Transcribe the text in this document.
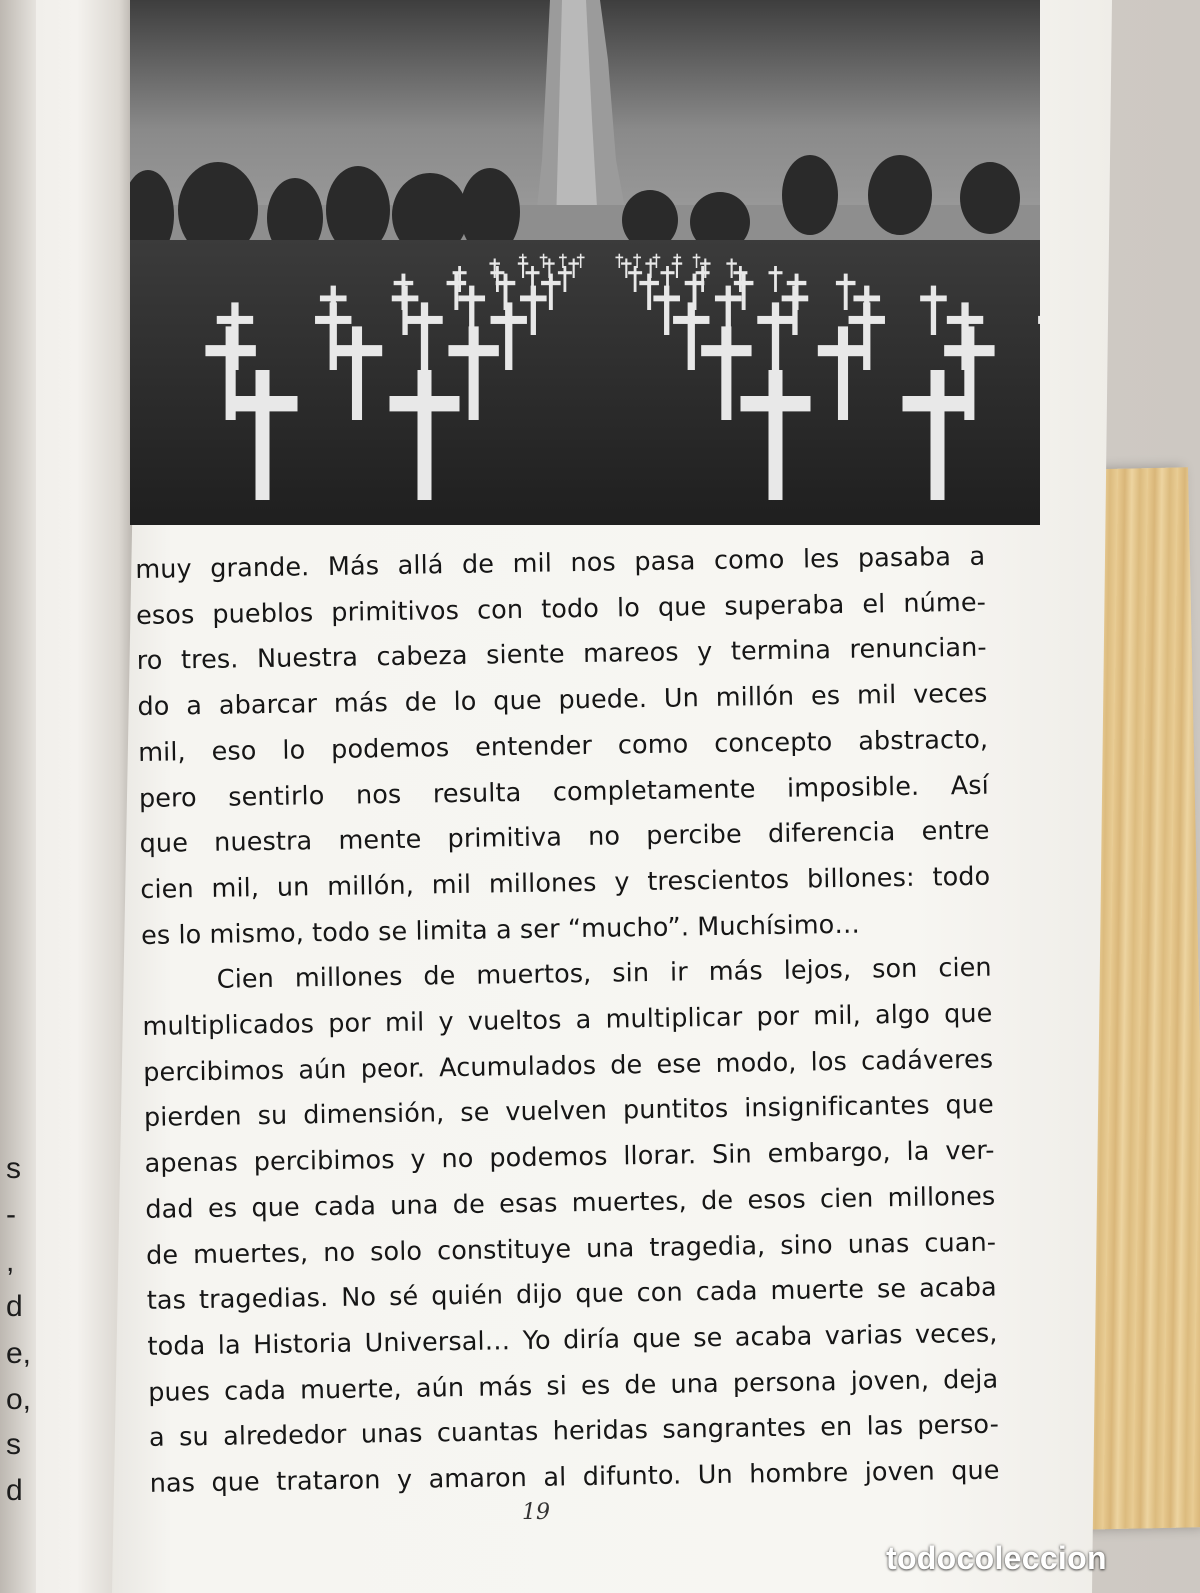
s
-
,
d
e,
o,
s
d
muy grande. Más allá de mil nos pasa como les pasaba a
esos pueblos primitivos con todo lo que superaba el núme-
ro tres. Nuestra cabeza siente mareos y termina renuncian-
do a abarcar más de lo que puede. Un millón es mil veces
mil, eso lo podemos entender como concepto abstracto,
pero sentirlo nos resulta completamente imposible. Así
que nuestra mente primitiva no percibe diferencia entre
cien mil, un millón, mil millones y trescientos billones: todo
es lo mismo, todo se limita a ser “mucho”. Muchísimo…
Cien millones de muertos, sin ir más lejos, son cien
multiplicados por mil y vueltos a multiplicar por mil, algo que
percibimos aún peor. Acumulados de ese modo, los cadáveres
pierden su dimensión, se vuelven puntitos insignificantes que
apenas percibimos y no podemos llorar. Sin embargo, la ver-
dad es que cada una de esas muertes, de esos cien millones
de muertes, no solo constituye una tragedia, sino unas cuan-
tas tragedias. No sé quién dijo que con cada muerte se acaba
toda la Historia Universal… Yo diría que se acaba varias veces,
pues cada muerte, aún más si es de una persona joven, deja
a su alrededor unas cuantas heridas sangrantes en las perso-
nas que trataron y amaron al difunto. Un hombre joven que
19
todocoleccion
